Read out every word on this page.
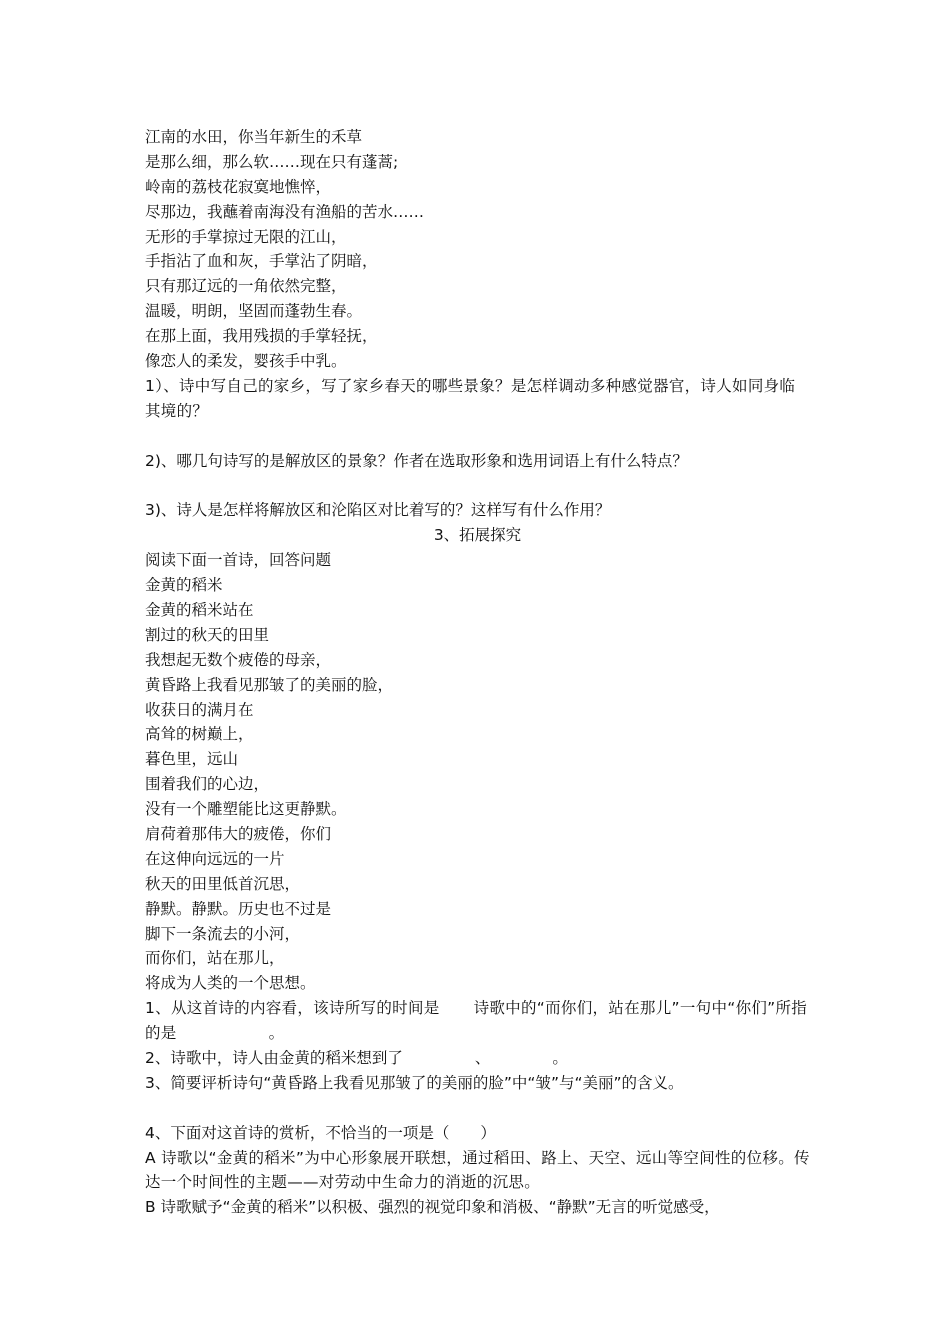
江南的水田，你当年新生的禾草
是那么细，那么软……现在只有蓬蒿;
岭南的荔枝花寂寞地憔悴，
尽那边，我蘸着南海没有渔船的苦水……
无形的手掌掠过无限的江山，
手指沾了血和灰，手掌沾了阴暗，
只有那辽远的一角依然完整，
温暖，明朗，坚固而蓬勃生春。
在那上面，我用残损的手掌轻抚，
像恋人的柔发，婴孩手中乳。
1）、诗中写自己的家乡，写了家乡春天的哪些景象？是怎样调动多种感觉器官，诗人如同身临其境的？
2)、哪几句诗写的是解放区的景象？作者在选取形象和选用词语上有什么特点？
3)、诗人是怎样将解放区和沦陷区对比着写的？这样写有什么作用？
3、拓展探究
阅读下面一首诗，回答问题
金黄的稻米
金黄的稻米站在
割过的秋天的田里
我想起无数个疲倦的母亲，
黄昏路上我看见那皱了的美丽的脸，
收获日的满月在
高耸的树巅上，
暮色里，远山
围着我们的心边，
没有一个雕塑能比这更静默。
肩荷着那伟大的疲倦，你们
在这伸向远远的一片
秋天的田里低首沉思，
静默。静默。历史也不过是
脚下一条流去的小河，
而你们，站在那儿，
将成为人类的一个思想。
1、从这首诗的内容看，该诗所写的时间是 诗歌中的“而你们，站在那儿”一句中“你们”所指的是	。
2、诗歌中，诗人由金黄的稻米想到了	、	。
3、简要评析诗句“黄昏路上我看见那皱了的美丽的脸”中“皱”与“美丽”的含义。
4、下面对这首诗的赏析，不恰当的一项是（　　）
A 诗歌以“金黄的稻米”为中心形象展开联想，通过稻田、路上、天空、远山等空间性的位移。传达一个时间性的主题——对劳动中生命力的消逝的沉思。
B 诗歌赋予“金黄的稻米”以积极、强烈的视觉印象和消极、“静默”无言的听觉感受，
